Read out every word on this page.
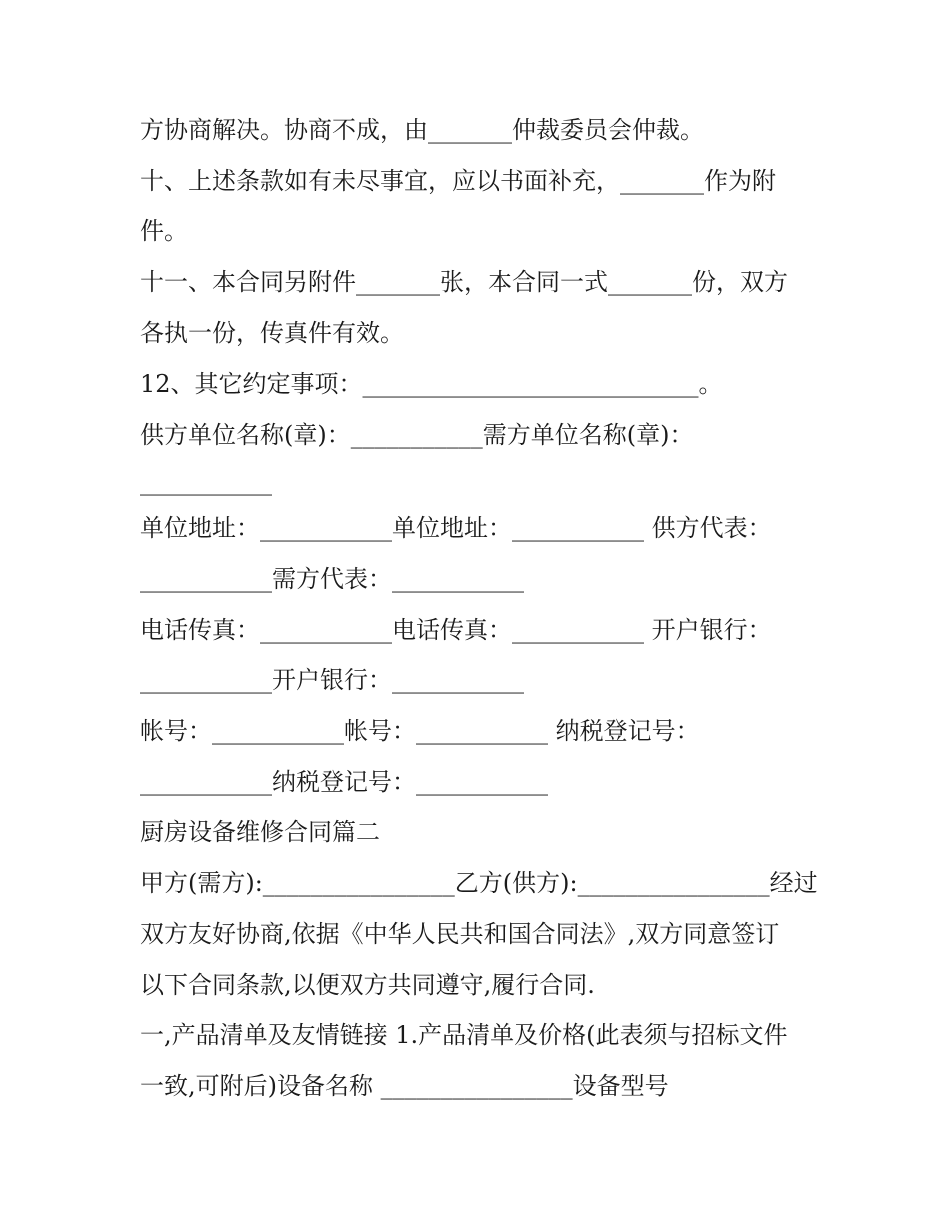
方协商解决。协商不成，由_______仲裁委员会仲裁。
十、上述条款如有未尽事宜，应以书面补充，_______作为附
件。
十一、本合同另附件_______张，本合同一式_______份，双方
各执一份，传真件有效。
12、其它约定事项：____________________________。
供方单位名称(章)：___________需方单位名称(章)：
___________
单位地址：___________单位地址：___________ 供方代表：
___________需方代表：___________
电话传真：___________电话传真：___________ 开户银行：
___________开户银行：___________
帐号：___________帐号：___________ 纳税登记号：
___________纳税登记号：___________
厨房设备维修合同篇二
甲方(需方):________________乙方(供方):________________经过
双方友好协商,依据《中华人民共和国合同法》,双方同意签订
以下合同条款,以便双方共同遵守,履行合同.
一,产品清单及友情链接 1.产品清单及价格(此表须与招标文件
一致,可附后)设备名称 ________________设备型号
